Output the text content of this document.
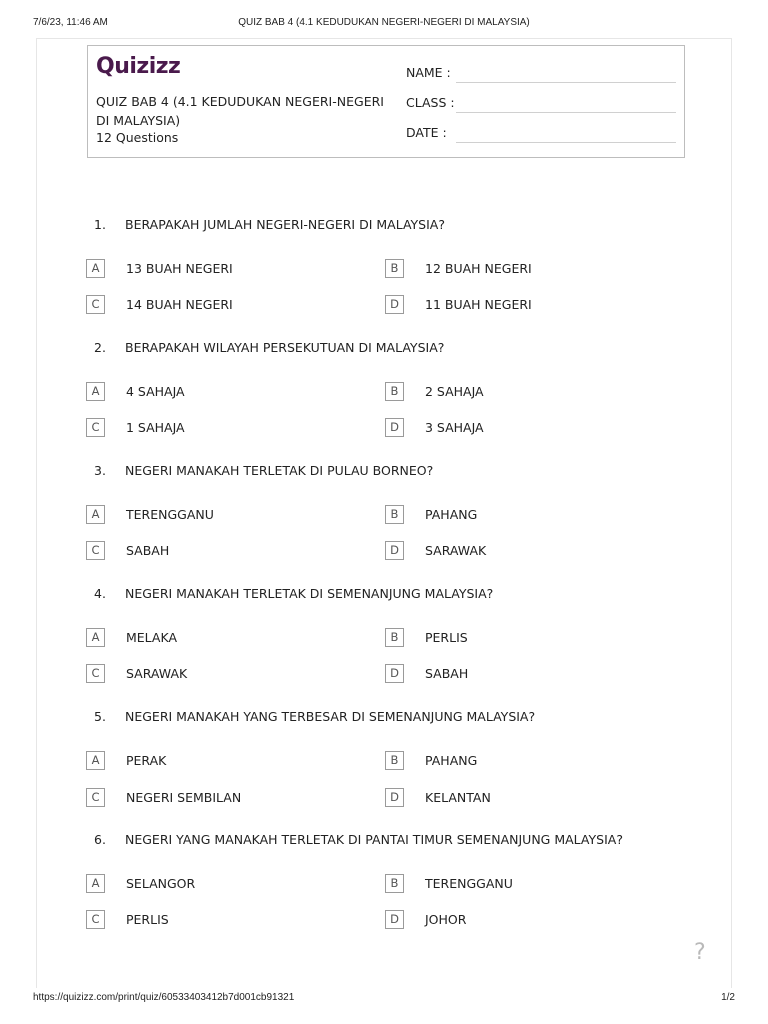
7/6/23, 11:46 AM	QUIZ BAB 4 (4.1 KEDUDUKAN NEGERI-NEGERI DI MALAYSIA)
Quizizz
QUIZ BAB 4 (4.1 KEDUDUKAN NEGERI-NEGERI DI MALAYSIA)
12 Questions
NAME :
CLASS :
DATE :
1. BERAPAKAH JUMLAH NEGERI-NEGERI DI MALAYSIA?
A	13 BUAH NEGERI	B	12 BUAH NEGERI
C	14 BUAH NEGERI	D	11 BUAH NEGERI
2. BERAPAKAH WILAYAH PERSEKUTUAN DI MALAYSIA?
A	4 SAHAJA	B	2 SAHAJA
C	1 SAHAJA	D	3 SAHAJA
3. NEGERI MANAKAH TERLETAK DI PULAU BORNEO?
A	TERENGGANU	B	PAHANG
C	SABAH	D	SARAWAK
4. NEGERI MANAKAH TERLETAK DI SEMENANJUNG MALAYSIA?
A	MELAKA	B	PERLIS
C	SARAWAK	D	SABAH
5. NEGERI MANAKAH YANG TERBESAR DI SEMENANJUNG MALAYSIA?
A	PERAK	B	PAHANG
C	NEGERI SEMBILAN	D	KELANTAN
6. NEGERI YANG MANAKAH TERLETAK DI PANTAI TIMUR SEMENANJUNG MALAYSIA?
A	SELANGOR	B	TERENGGANU
C	PERLIS	D	JOHOR
?
https://quizizz.com/print/quiz/60533403412b7d001cb91321	1/2
